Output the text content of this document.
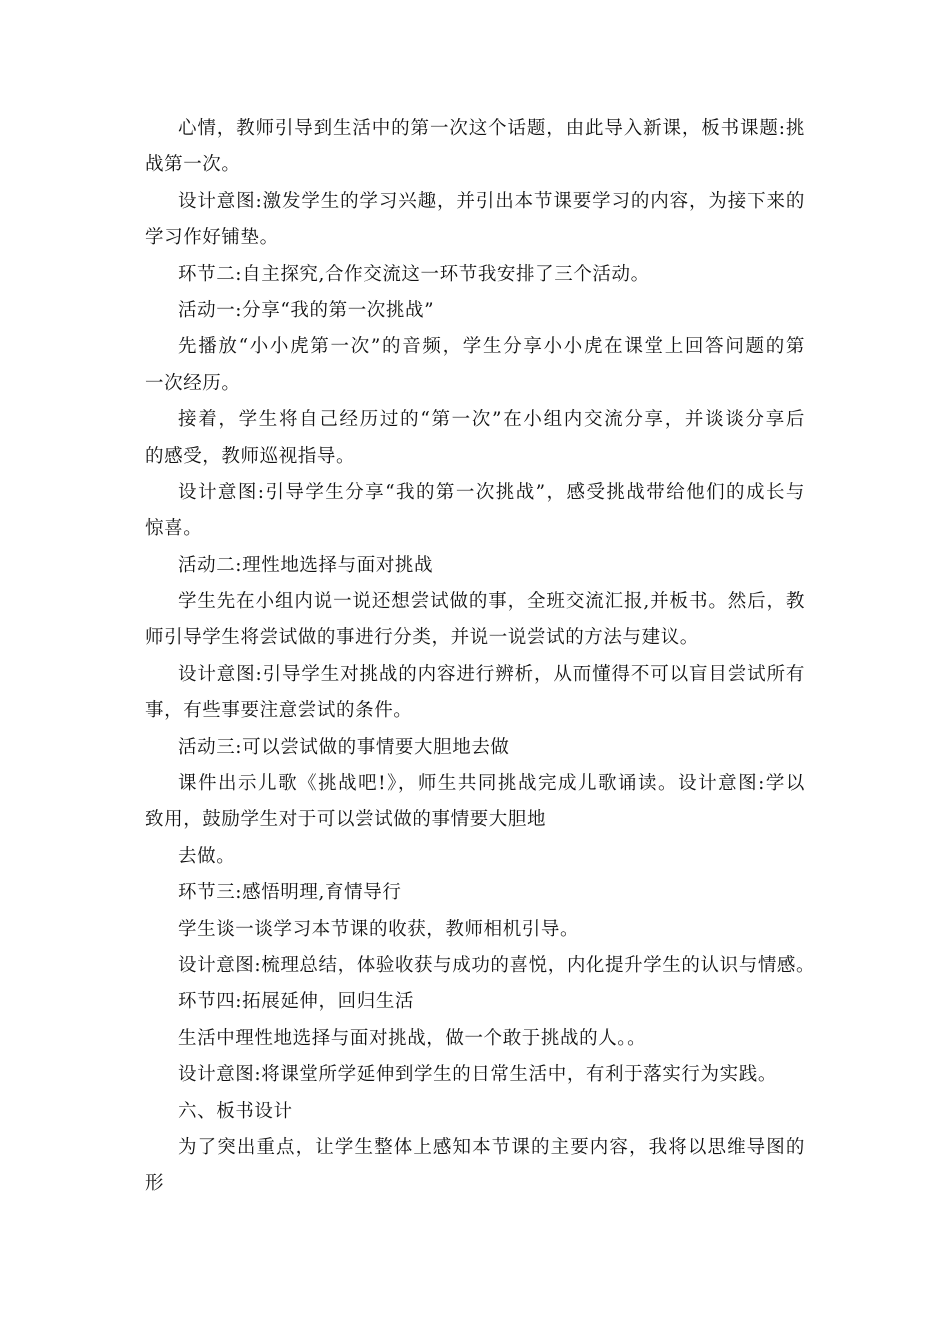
心情，教师引导到生活中的第一次这个话题，由此导入新课，板书课题:挑
战第一次。
设计意图:激发学生的学习兴趣，并引出本节课要学习的内容，为接下来的
学习作好铺垫。
环节二:自主探究,合作交流这一环节我安排了三个活动。
活动一:分享“我的第一次挑战”
先播放“小小虎第一次”的音频，学生分享小小虎在课堂上回答问题的第
一次经历。
接着，学生将自己经历过的“第一次”在小组内交流分享，并谈谈分享后
的感受，教师巡视指导。
设计意图:引导学生分享“我的第一次挑战”，感受挑战带给他们的成长与
惊喜。
活动二:理性地选择与面对挑战
学生先在小组内说一说还想尝试做的事，全班交流汇报,并板书。然后，教
师引导学生将尝试做的事进行分类，并说一说尝试的方法与建议。
设计意图:引导学生对挑战的内容进行辨析，从而懂得不可以盲目尝试所有
事，有些事要注意尝试的条件。
活动三:可以尝试做的事情要大胆地去做
课件出示儿歌《挑战吧!》，师生共同挑战完成儿歌诵读。设计意图:学以
致用，鼓励学生对于可以尝试做的事情要大胆地
去做。
环节三:感悟明理,育情导行
学生谈一谈学习本节课的收获，教师相机引导。
设计意图:梳理总结，体验收获与成功的喜悦，内化提升学生的认识与情感。
环节四:拓展延伸，回归生活
生活中理性地选择与面对挑战，做一个敢于挑战的人。。
设计意图:将课堂所学延伸到学生的日常生活中，有利于落实行为实践。
六、板书设计
为了突出重点，让学生整体上感知本节课的主要内容，我将以思维导图的
形
